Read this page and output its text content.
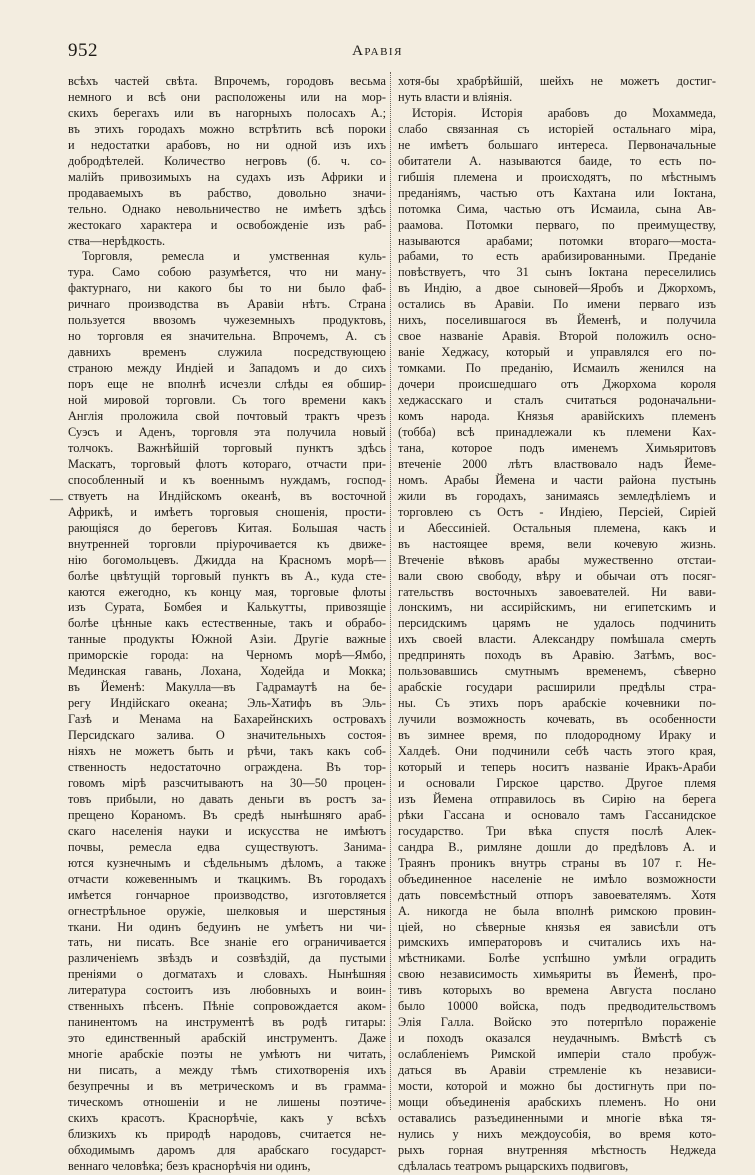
952	Аравія
—
всѣхъ частей свѣта. Впрочемъ, городовъ весьма
немного и всѣ они расположены или на мор-
скихъ берегахъ или въ нагорныхъ полосахъ А.;
въ этихъ городахъ можно встрѣтить всѣ пороки
и недостатки арабовъ, но ни одной изъ ихъ
добродѣтелей. Количество негровъ (б. ч. со-
малійъ привозимыхъ на судахъ изъ Африки и
продаваемыхъ въ рабство, довольно значи-
тельно. Однако невольничество не имѣетъ здѣсь
жестокаго характера и освобожденіе изъ раб-
ства—нерѣдкость.
Торговля, ремесла и умственная куль-
тура. Само собою разумѣется, что ни ману-
фактурнаго, ни какого бы то ни было фаб-
ричнаго производства въ Аравіи нѣтъ. Страна
пользуется ввозомъ чужеземныхъ продуктовъ,
но торговля ея значительна. Впрочемъ, А. съ
давнихъ временъ служила посредствующею
страною между Индіей и Западомъ и до сихъ
поръ еще не вполнѣ исчезли слѣды ея обшир-
ной мировой торговли. Съ того времени какъ
Англія проложила свой почтовый трактъ чрезъ
Суэсъ и Аденъ, торговля эта получила новый
толчокъ. Важнѣйшій торговый пунктъ здѣсь
Маскатъ, торговый флотъ котораго, отчасти при-
способленный и къ военнымъ нуждамъ, господ-
ствуетъ на Индійскомъ океанѣ, въ восточной
Африкѣ, и имѣетъ торговыя сношенія, прости-
рающіяся до береговъ Китая. Большая часть
внутренней торговли пріурочивается къ движе-
нію богомольцевъ. Джидда на Красномъ морѣ—
болѣе цвѣтущій торговый пунктъ въ А., куда сте-
каются ежегодно, къ концу мая, торговые флоты
изъ Сурата, Бомбея и Калькутты, привозящіе
болѣе цѣнные какъ естественные, такъ и обрабо-
танные продукты Южной Азіи. Другіе важные
приморскіе города: на Черномъ морѣ—Ямбо,
Мединская гавань, Лохана, Ходейда и Мокка;
въ Йеменѣ: Макулла—въ Гадрамаутѣ на бе-
регу Индійскаго океана; Эль-Хатифъ въ Эль-
Газѣ и Менама на Бахарейнскихъ островахъ
Персидскаго залива. О значительныхъ состоя-
ніяхъ не можетъ быть и рѣчи, такъ какъ соб-
ственность недостаточно ограждена. Въ тор-
говомъ мірѣ разсчитываютъ на 30—50 процен-
товъ прибыли, но давать деньги въ ростъ за-
прещено Кораномъ. Въ средѣ нынѣшняго араб-
скаго населенія науки и искусства не имѣютъ
почвы, ремесла едва существуютъ. Занима-
ются кузнечнымъ и сѣдельнымъ дѣломъ, а также
отчасти кожевеннымъ и ткацкимъ. Въ городахъ
имѣется гончарное производство, изготовляется
огнестрѣльное оружіе, шелковыя и шерстяныя
ткани. Ни одинъ бедуинъ не умѣетъ ни чи-
тать, ни писать. Все знаніе его ограничивается
различеніемъ звѣздъ и созвѣздій, да пустыми
преніями о догматахъ и словахъ. Нынѣшняя
литература состоитъ изъ любовныхъ и воин-
ственныхъ пѣсенъ. Пѣніе сопровождается аком-
панинентомъ на инструментѣ въ родѣ гитары:
это единственный арабскій инструментъ. Даже
многіе арабскіе поэты не умѣютъ ни читать,
ни писать, а между тѣмъ стихотворенія ихъ
безупречны и въ метрическомъ и въ грамма-
тическомъ отношеніи и не лишены поэтиче-
скихъ красотъ. Краснорѣчіе, какъ у всѣхъ
близкихъ къ природѣ народовъ, считается не-
обходимымъ даромъ для арабскаго государст-
веннаго человѣка; безъ краснорѣчія ни одинъ,
хотя-бы храбрѣйшій, шейхъ не можетъ достиг-
нуть власти и вліянія.
Исторія. Исторія арабовъ до Мохаммеда,
слабо связанная съ исторіей остальнаго міра,
не имѣетъ большаго интереса. Первоначальные
обитатели А. называются баиде, то есть по-
гибшія племена и происходятъ, по мѣстнымъ
преданіямъ, частью отъ Кахтана или Іоктана,
потомка Сима, частью отъ Исмаила, сына Ав-
раамова. Потомки перваго, по преимуществу,
называются арабами; потомки втораго—моста-
рабами, то есть арабизированными. Преданіе
повѣствуетъ, что 31 сынъ Іоктана переселились
въ Индію, а двое сыновей—Яробъ и Джорхомъ,
остались въ Аравіи. По имени перваго изъ
нихъ, поселившагося въ Йеменѣ, и получила
свое названіе Аравія. Второй положилъ осно-
ваніе Хеджасу, который и управлялся его по-
томками. По преданію, Исмаилъ женился на
дочери происшедшаго отъ Джорхома короля
хеджасскаго и сталъ считаться родоначальни-
комъ народа. Князья аравійскихъ племенъ
(тобба) всѣ принадлежали къ племени Ках-
тана, которое подъ именемъ Химьяритовъ
втеченіе 2000 лѣтъ властвовало надъ Йеме-
номъ. Арабы Йемена и части района пустынь
жили въ городахъ, занимаясь земледѣліемъ и
торговлею съ Остъ - Индіею, Персіей, Сиріей
и Абессиніей. Остальныя племена, какъ и
въ настоящее время, вели кочевую жизнь.
Втеченіе вѣковъ арабы мужественно отстаи-
вали свою свободу, вѣру и обычаи отъ посяг-
гательствъ восточныхъ завоевателей. Ни вави-
лонскимъ, ни ассирійскимъ, ни египетскимъ и
персидскимъ царямъ не удалось подчинить
ихъ своей власти. Александру помѣшала смерть
предпринять походъ въ Аравію. Затѣмъ, вос-
пользовавшись смутнымъ временемъ, сѣверно
арабскіе государи расширили предѣлы стра-
ны. Съ этихъ поръ арабскіе кочевники по-
лучили возможность кочевать, въ особенности
въ зимнее время, по плодородному Ираку и
Халдеѣ. Они подчинили себѣ часть этого края,
который и теперь носитъ названіе Иракъ-Араби
и основали Гирское царство. Другое племя
изъ Йемена отправилось въ Сирію на берега
рѣки Гассана и основало тамъ Гассанидское
государство. Три вѣка спустя послѣ Алек-
сандра В., римляне дошли до предѣловъ А. и
Траянъ проникъ внутрь страны въ 107 г. Не-
объединенное населеніе не имѣло возможности
дать повсемѣстный отпоръ завоевателямъ. Хотя
А. никогда не была вполнѣ римскою провин-
ціей, но сѣверные князья ея зависѣли отъ
римскихъ императоровъ и считались ихъ на-
мѣстниками. Болѣе успѣшно умѣли оградить
свою независимость химьяриты въ Йеменѣ, про-
тивъ которыхъ во времена Августа послано
было 10000 войска, подъ предводительствомъ
Элія Галла. Войско это потерпѣло пораженіе
и походъ оказался неудачнымъ. Вмѣстѣ съ
ослабленіемъ Римской имперіи стало пробуж-
даться въ Аравіи стремленіе къ независи-
мости, которой и можно бы достигнуть при по-
мощи объединенія арабскихъ племенъ. Но они
оставались разъединенными и многіе вѣка тя-
нулись у нихъ междоусобія, во время кото-
рыхъ горная внутренняя мѣстность Неджеда
сдѣлалась театромъ рыцарскихъ подвиговъ,
